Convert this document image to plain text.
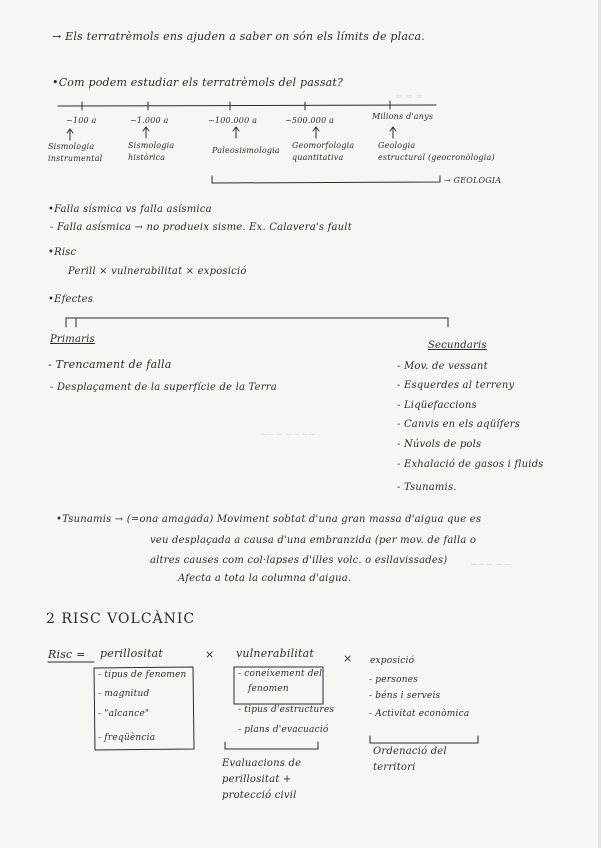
≈ ≈ ≈
~~~ ~~~~
~~~ ~~
→ Els terratrèmols ens ajuden a saber on són els límits de placa.
•Com podem estudiar els terratrèmols del passat?
~100 a	~1.000 a	~100.000 a	~500.000 a	Milions d'anys
Sismologia
instrumental
Sismologia
històrica
Paleosismologia
Geomorfologia
quantitativa
Geologia
estructural (geocronòlogia)
→ GEOLOGIA
•Falla sísmica vs falla asísmica
- Falla asísmica → no produeix sisme. Ex. Calavera's fault
•Risc
Perill × vulnerabilitat × exposició
•Efectes
Primaris
Secundaris
- Trencament de falla
- Desplaçament de la superfície de la Terra
- Mov. de vessant
- Esquerdes al terreny
- Liqüefaccions
- Canvis en els aqüífers
- Núvols de pols
- Exhalació de gasos i fluids
- Tsunamis.
•Tsunamis → (=ona amagada) Moviment sobtat d'una gran massa d'aigua que es
veu desplaçada a causa d'una embranzida (per mov. de falla o
altres causes com col·lapses d'illes volc. o esllavissades)
Afecta a tota la columna d'aigua.
2 RISC VOLCÀNIC
Risc = perillositat	× vulnerabilitat	× exposició
- tipus de fenomen
- magnitud
- "alcance"
- freqüència
- coneixement del
fenomen
- tipus d'estructures
- plans d'evacuació
Evaluacions de
perillositat +
protecció civil
- persones
- béns i serveis
- Activitat econòmica
Ordenació del
territori
